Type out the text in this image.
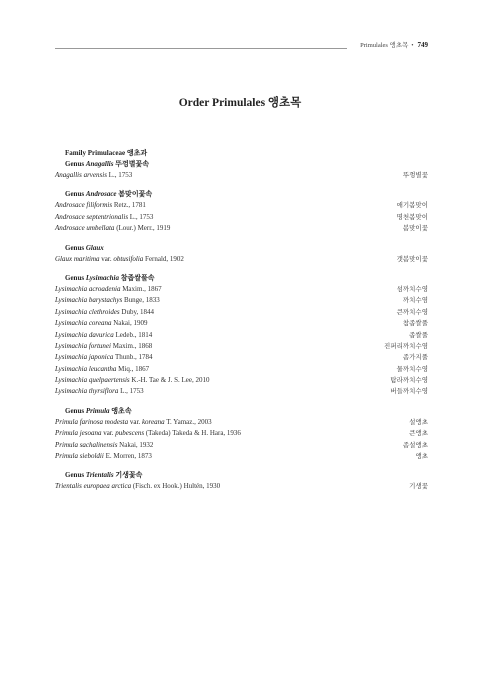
Primulales 앵초목 • 749
Order Primulales 앵초목
Family Primulaceae 앵초과
Genus Anagallis 뚜껑별꽃속
Anagallis arvensis L., 1753	뚜껑별꽃
Genus Androsace 봄맞이꽃속
Androsace filiformis Retz., 1781	애기봄맞이
Androsace septentrionalis L., 1753	명천봄맞이
Androsace umbellata (Lour.) Merr., 1919	봄맞이꽃
Genus Glaux
Glaux maritima var. obtusifolia Fernald, 1902	갯봄맞이꽃
Genus Lysimachia 참좁쌀풀속
Lysimachia acroadenia Maxim., 1867	섬까치수영
Lysimachia barystachys Bunge, 1833	까치수염
Lysimachia clethroides Duby, 1844	큰까치수영
Lysimachia coreana Nakai, 1909	참좁쌀풀
Lysimachia davurica Ledeb., 1814	좁쌀풀
Lysimachia fortunei Maxim., 1868	진퍼리까치수염
Lysimachia japonica Thunb., 1784	좀가지풀
Lysimachia leucantha Miq., 1867	물까치수영
Lysimachia quelpaertensis K.-H. Tae & J. S. Lee, 2010	탐라까치수영
Lysimachia thyrsiflora L., 1753	버들까치수영
Genus Primula 앵초속
Primula farinosa modesta var. koreana T. Yamaz., 2003	설앵초
Primula jesoana var. pubescens (Takeda) Takeda & H. Hara, 1936	큰앵초
Primula sachalinensis Nakai, 1932	좀설앵초
Primula sieboldii E. Morren, 1873	앵초
Genus Trientalis 기생꽃속
Trientalis europaea arctica (Fisch. ex Hook.) Hultén, 1930	기생꽃
